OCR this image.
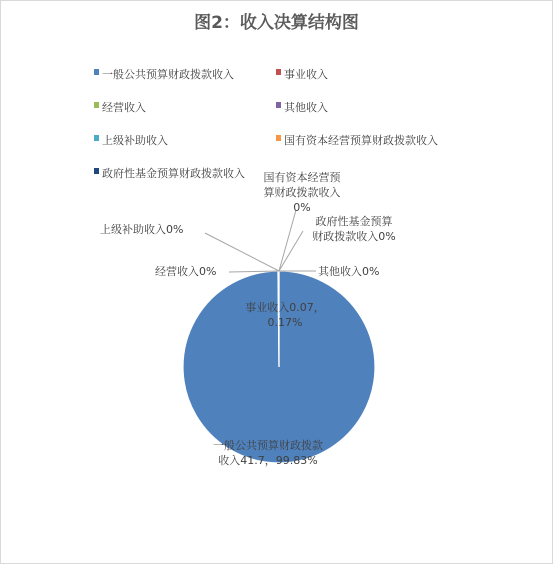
图2：收入决算结构图
一般公共预算财政拨款收入	事业收入
经营收入	其他收入
上级补助收入	国有资本经营预算财政拨款收入
政府性基金预算财政拨款收入
一般公共预算财政拨款收入41.7，99.83%
事业收入0.07， 0.17%
经营收入0%	其他收入0%
上级补助收入0%
国有资本经营预算财政拨款收入 0%
政府性基金预算财政拨款收入0%
